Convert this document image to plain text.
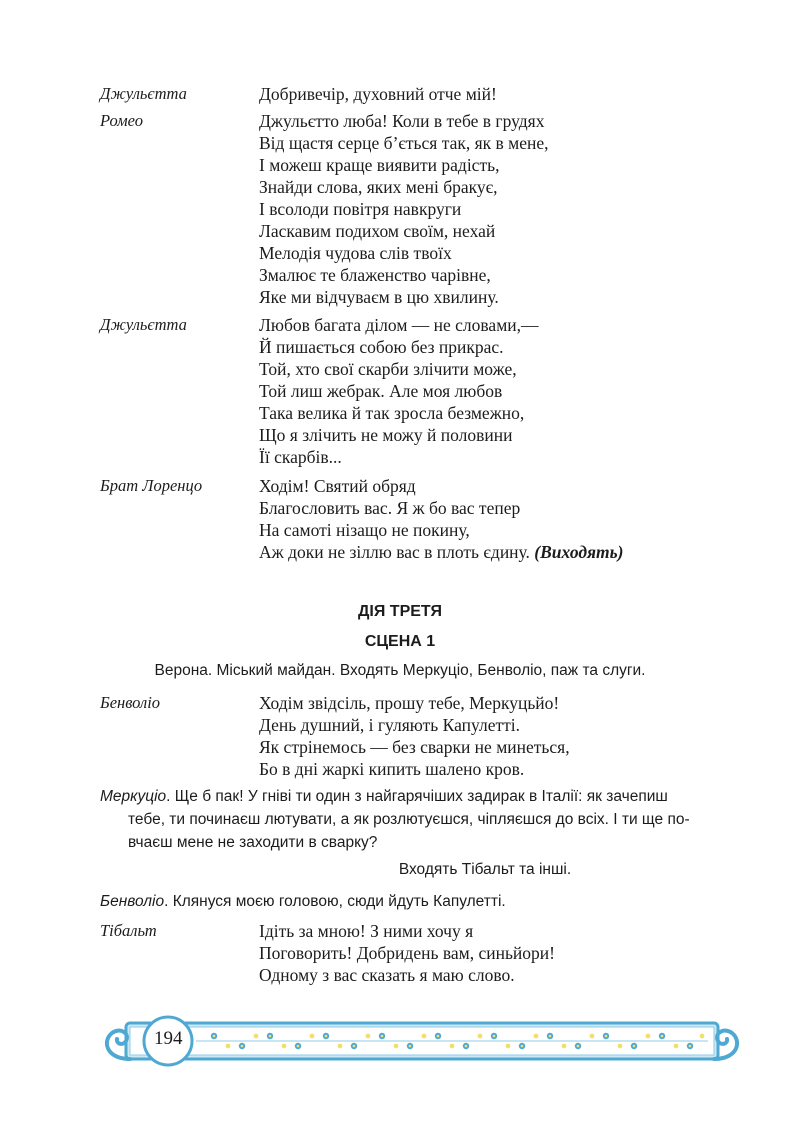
Джульєтта	Добривечір, духовний отче мій!
Ромео	Джульєтто люба! Коли в тебе в грудях
Від щастя серце б’ється так, як в мене,
І можеш краще виявити радість,
Знайди слова, яких мені бракує,
І всолоди повітря навкруги
Ласкавим подихом своїм, нехай
Мелодія чудова слів твоїх
Змалює те блаженство чарівне,
Яке ми відчуваєм в цю хвилину.
Джульєтта	Любов багата ділом — не словами,—
Й пишається собою без прикрас.
Той, хто свої скарби злічити може,
Той лиш жебрак. Але моя любов
Така велика й так зросла безмежно,
Що я злічить не можу й половини
Її скарбів...
Брат Лоренцо	Ходім! Святий обряд
Благословить вас. Я ж бо вас тепер
На самоті нізащо не покину,
Аж доки не зіллю вас в плоть єдину. (Виходять)
ДІЯ ТРЕТЯ
СЦЕНА 1
Верона. Міський майдан. Входять Меркуціо, Бенволіо, паж та слуги.
Бенволіо	Ходім звідсіль, прошу тебе, Меркуцьйо!
День душний, і гуляють Капулетті.
Як стрінемось — без сварки не минеться,
Бо в дні жаркі кипить шалено кров.
Меркуціо. Ще б пак! У гніві ти один з найгарячіших задирак в Італії: як зачепиш
тебе, ти починаєш лютувати, а як розлютуєшся, чіпляєшся до всіх. І ти ще по-
вчаєш мене не заходити в сварку?
Входять Тібальт та інші.
Бенволіо. Клянуся моєю головою, сюди йдуть Капулетті.
Тібальт	Ідіть за мною! З ними хочу я
Поговорить! Добридень вам, синьйори!
Одному з вас сказать я маю слово.
194
